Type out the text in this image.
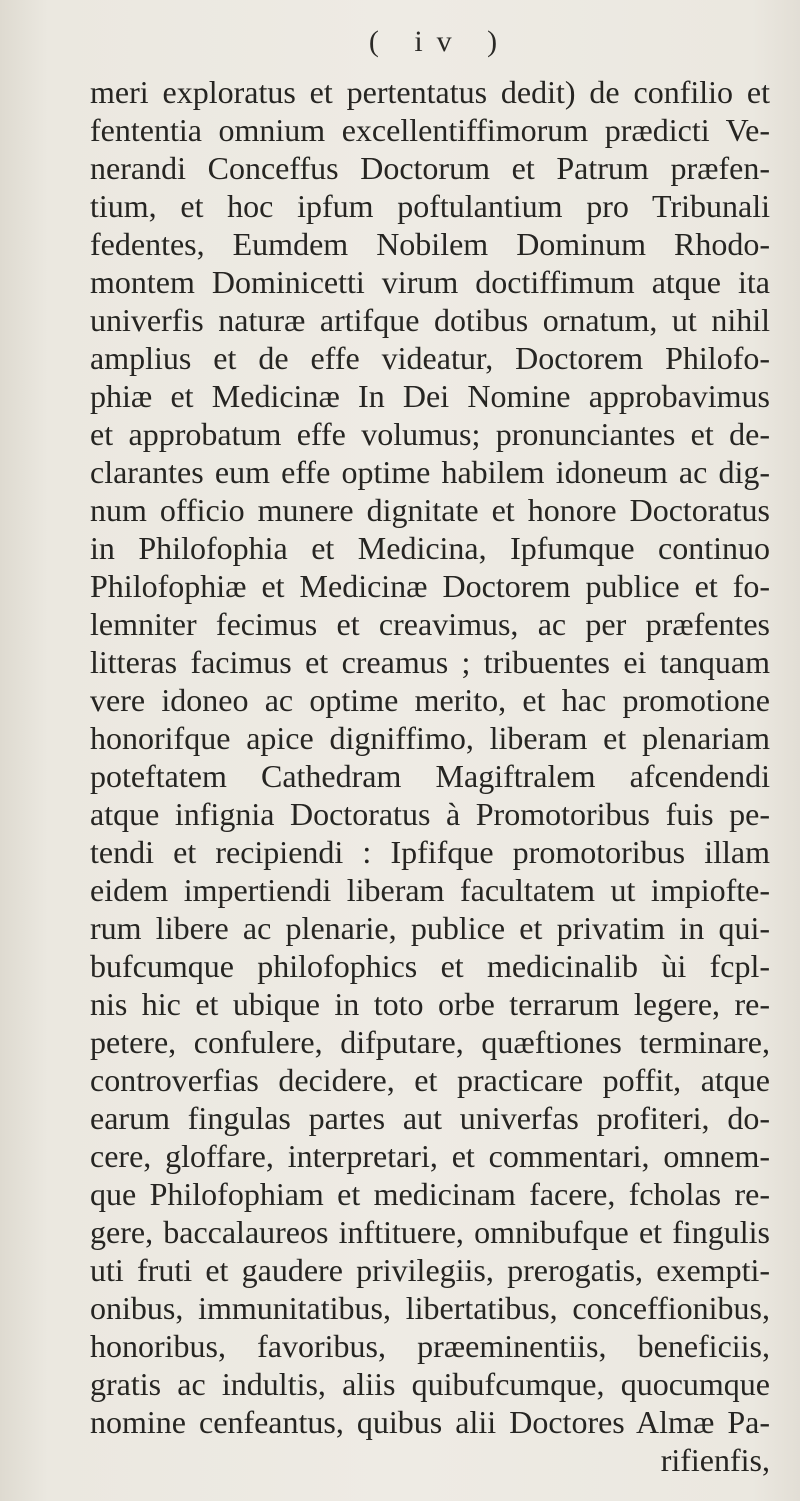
( iv )
meri exploratus et pertentatus dedit) de confilio et
fententia omnium excellentiffimorum prædicti Ve-
nerandi Conceffus Doctorum et Patrum præfen-
tium, et hoc ipfum poftulantium pro Tribunali
fedentes, Eumdem Nobilem Dominum Rhodo-
montem Dominicetti virum doctiffimum atque ita
univerfis naturæ artifque dotibus ornatum, ut nihil
amplius et de effe videatur, Doctorem Philofo-
phiæ et Medicinæ In Dei Nomine approbavimus
et approbatum effe volumus; pronunciantes et de-
clarantes eum effe optime habilem idoneum ac dig-
num officio munere dignitate et honore Doctoratus
in Philofophia et Medicina, Ipfumque continuo
Philofophiæ et Medicinæ Doctorem publice et fo-
lemniter fecimus et creavimus, ac per præfentes
litteras facimus et creamus ; tribuentes ei tanquam
vere idoneo ac optime merito, et hac promotione
honorifque apice digniffimo, liberam et plenariam
poteftatem Cathedram Magiftralem afcendendi
atque infignia Doctoratus à Promotoribus fuis pe-
tendi et recipiendi : Ipfifque promotoribus illam
eidem impertiendi liberam facultatem ut impiofte-
rum libere ac plenarie, publice et privatim in qui-
bufcumque philofophics et medicinalib ùi fcpl-
nis hic et ubique in toto orbe terrarum legere, re-
petere, confulere, difputare, quæftiones terminare,
controverfias decidere, et practicare poffit, atque
earum fingulas partes aut univerfas profiteri, do-
cere, gloffare, interpretari, et commentari, omnem-
que Philofophiam et medicinam facere, fcholas re-
gere, baccalaureos inftituere, omnibufque et fingulis
uti fruti et gaudere privilegiis, prerogatis, exempti-
onibus, immunitatibus, libertatibus, conceffionibus,
honoribus, favoribus, præeminentiis, beneficiis,
gratis ac indultis, aliis quibufcumque, quocumque
nomine cenfeantus, quibus alii Doctores Almæ Pa-
rifienfis,
